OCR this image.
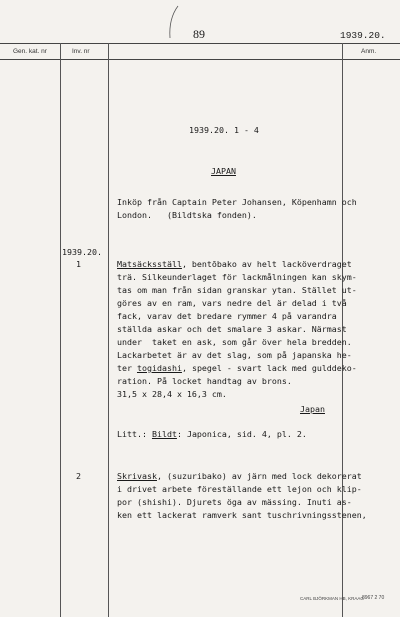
89	1939.20.
Gen. kat. nr	Inv. nr	Anm.
1939.20. 1 - 4
JAPAN
Inköp från Captain Peter Johansen, Köpenhamn och
London.   (Bildtska fonden).
1939.20.
1	Matsäcksställ, bentōbako av helt lacköverdraget
trä. Silkeunderlaget för lackmålningen kan skym-
tas om man från sidan granskar ytan. Stället ut-
göres av en ram, vars nedre del är delad i två
fack, varav det bredare rymmer 4 på varandra
ställda askar och det smalare 3 askar. Närmast
under  taket en ask, som går över hela bredden.
Lackarbetet är av det slag, som på japanska he-
ter togidashi, spegel - svart lack med gulddeko-
ration. På locket handtag av brons.
31,5 x 28,4 x 16,3 cm.
Japan
Litt.: Bildt: Japonica, sid. 4, pl. 2.
2	Skrivask, (suzuribako) av järn med lock dekorerat
i drivet arbete föreställande ett lejon och klip-
por (shishi). Djurets öga av mässing. Inuti as-
ken ett lackerat ramverk sant tuschrivningsstenen,
CARL BJÖRKMAN HB, KRAAG
8967 2 70
